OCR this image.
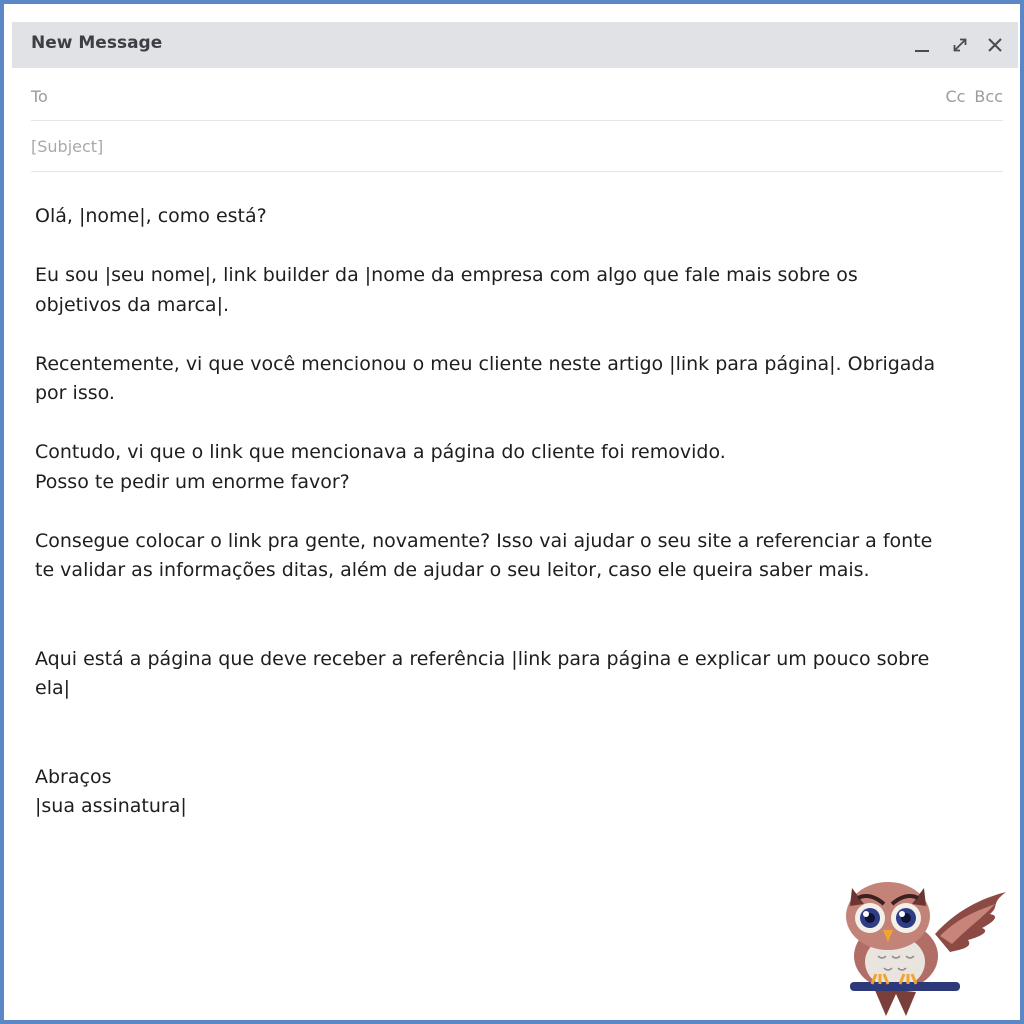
New Message
To	Cc Bcc
[Subject]

Olá, |nome|, como está?

Eu sou |seu nome|, link builder da |nome da empresa com algo que fale mais sobre os
objetivos da marca|.

Recentemente, vi que você mencionou o meu cliente neste artigo |link para página|. Obrigada
por isso.

Contudo, vi que o link que mencionava a página do cliente foi removido.
Posso te pedir um enorme favor?

Consegue colocar o link pra gente, novamente? Isso vai ajudar o seu site a referenciar a fonte
te validar as informações ditas, além de ajudar o seu leitor, caso ele queira saber mais.

Aqui está a página que deve receber a referência |link para página e explicar um pouco sobre
ela|

Abraços
|sua assinatura|
